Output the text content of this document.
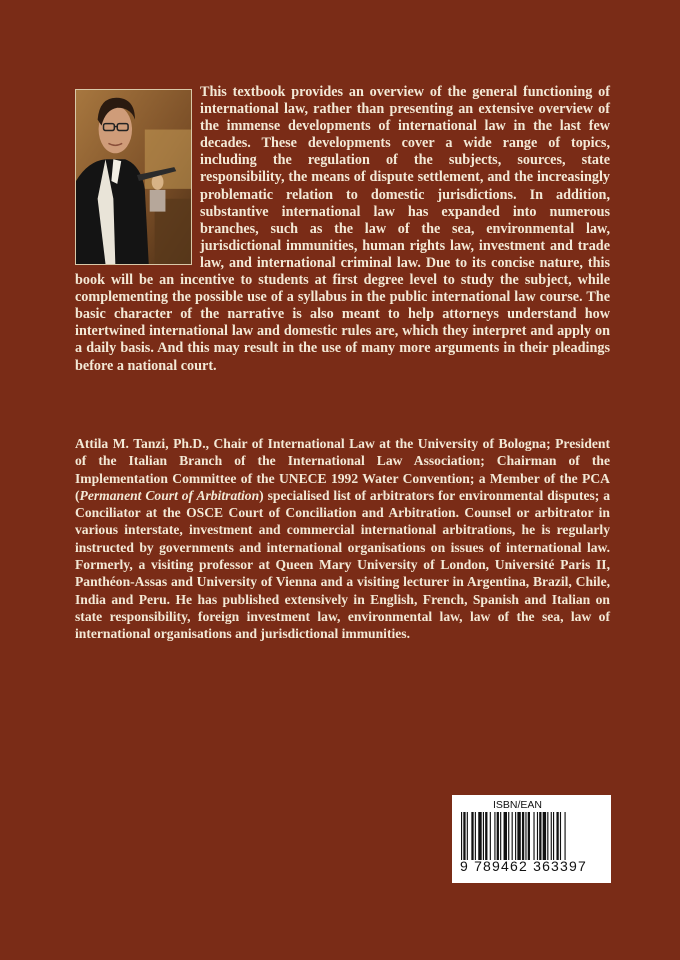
This textbook provides an overview of the general functioning of international law, rather than presenting an extensive overview of the immense developments of international law in the last few decades. These developments cover a wide range of topics, including the regulation of the subjects, sources, state responsibility, the means of dispute settlement, and the increasingly problematic relation to domestic jurisdictions. In addition, substantive international law has expanded into numerous branches, such as the law of the sea, environmental law, jurisdictional immunities, human rights law, investment and trade law, and international criminal law. Due to its concise nature, this book will be an incentive to students at first degree level to study the subject, while complementing the possible use of a syllabus in the public international law course. The basic character of the narrative is also meant to help attorneys understand how intertwined international law and domestic rules are, which they interpret and apply on a daily basis. And this may result in the use of many more arguments in their pleadings before a national court.

Attila M. Tanzi, Ph.D., Chair of International Law at the University of Bologna; President of the Italian Branch of the International Law Association; Chairman of the Implementation Committee of the UNECE 1992 Water Convention; a Member of the PCA (Permanent Court of Arbitration) specialised list of arbitrators for environmental disputes; a Conciliator at the OSCE Court of Conciliation and Arbitration. Counsel or arbitrator in various interstate, investment and commercial international arbitrations, he is regularly instructed by governments and international organisations on issues of international law. Formerly, a visiting professor at Queen Mary University of London, Université Paris II, Panthéon-Assas and University of Vienna and a visiting lecturer in Argentina, Brazil, Chile, India and Peru. He has published extensively in English, French, Spanish and Italian on state responsibility, foreign investment law, environmental law, law of the sea, law of international organisations and jurisdictional immunities.

ISBN/EAN
9 789462 363397
